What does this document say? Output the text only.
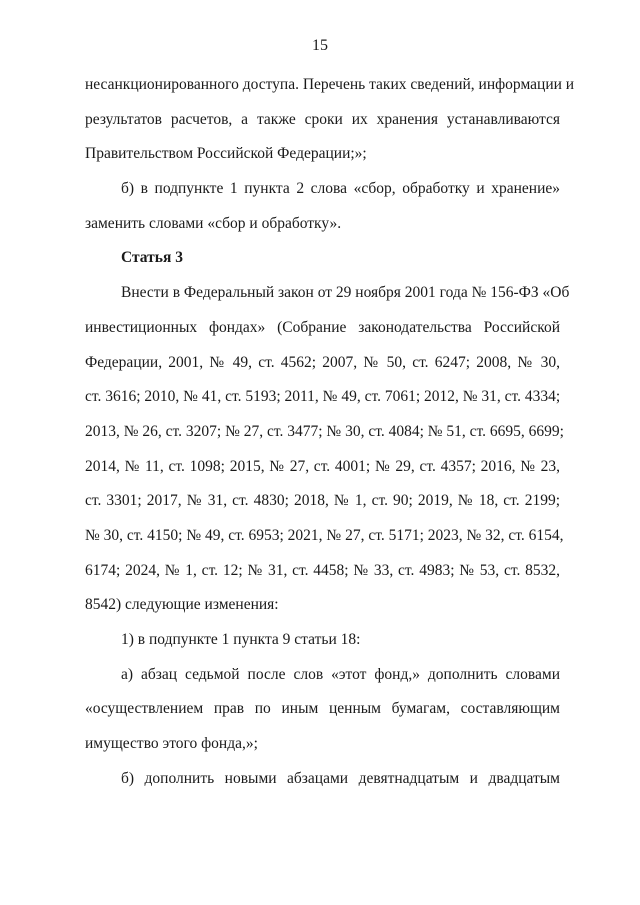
15
несанкционированного доступа. Перечень таких сведений, информации и
результатов расчетов, а также сроки их хранения устанавливаются
Правительством Российской Федерации;»;
б) в подпункте 1 пункта 2 слова «сбор, обработку и хранение»
заменить словами «сбор и обработку».
Статья 3
Внести в Федеральный закон от 29 ноября 2001 года № 156-ФЗ «Об
инвестиционных фондах» (Собрание законодательства Российской
Федерации, 2001, № 49, ст. 4562; 2007, № 50, ст. 6247; 2008, № 30,
ст. 3616; 2010, № 41, ст. 5193; 2011, № 49, ст. 7061; 2012, № 31, ст. 4334;
2013, № 26, ст. 3207; № 27, ст. 3477; № 30, ст. 4084; № 51, ст. 6695, 6699;
2014, № 11, ст. 1098; 2015, № 27, ст. 4001; № 29, ст. 4357; 2016, № 23,
ст. 3301; 2017, № 31, ст. 4830; 2018, № 1, ст. 90; 2019, № 18, ст. 2199;
№ 30, ст. 4150; № 49, ст. 6953; 2021, № 27, ст. 5171; 2023, № 32, ст. 6154,
6174; 2024, № 1, ст. 12; № 31, ст. 4458; № 33, ст. 4983; № 53, ст. 8532,
8542) следующие изменения:
1) в подпункте 1 пункта 9 статьи 18:
а) абзац седьмой после слов «этот фонд,» дополнить словами
«осуществлением прав по иным ценным бумагам, составляющим
имущество этого фонда,»;
б) дополнить новыми абзацами девятнадцатым и двадцатым
